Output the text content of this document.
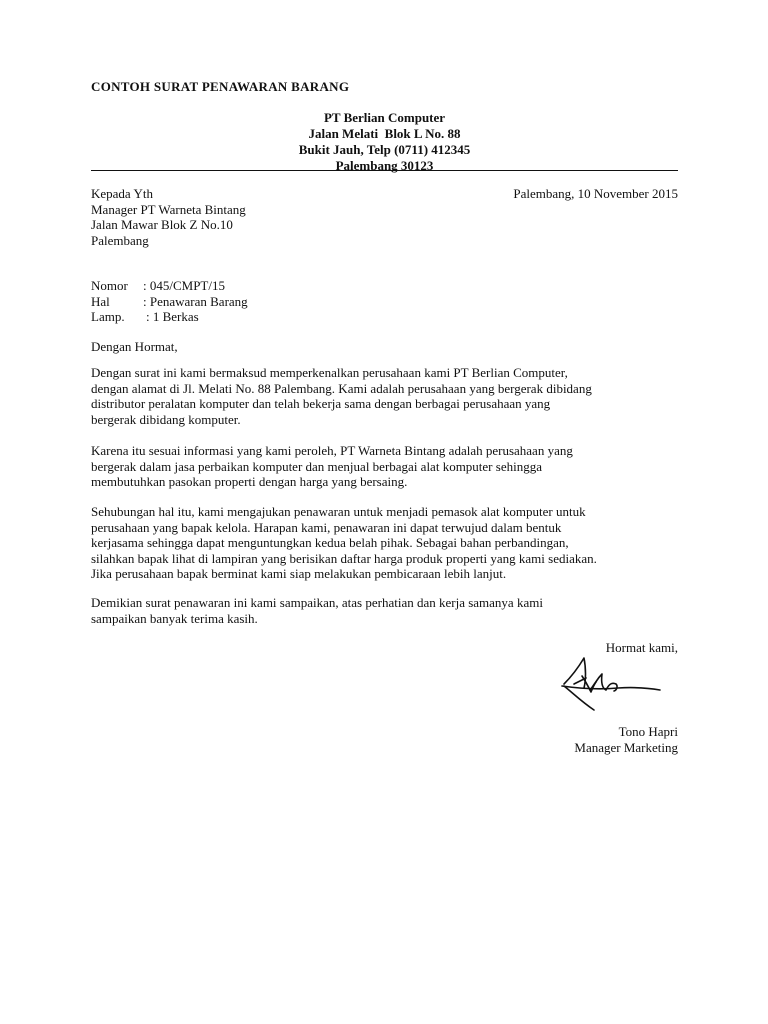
CONTOH SURAT PENAWARAN BARANG
PT Berlian Computer
Jalan Melati  Blok L No. 88
Bukit Jauh, Telp (0711) 412345
Palembang 30123
Kepada Yth
Manager PT Warneta Bintang
Jalan Mawar Blok Z No.10
Palembang
Palembang, 10 November 2015
Nomor	: 045/CMPT/15
Hal	: Penawaran Barang
Lamp.	: 1 Berkas
Dengan Hormat,
Dengan surat ini kami bermaksud memperkenalkan perusahaan kami PT Berlian Computer,
dengan alamat di Jl. Melati No. 88 Palembang. Kami adalah perusahaan yang bergerak dibidang
distributor peralatan komputer dan telah bekerja sama dengan berbagai perusahaan yang
bergerak dibidang komputer.
Karena itu sesuai informasi yang kami peroleh, PT Warneta Bintang adalah perusahaan yang
bergerak dalam jasa perbaikan komputer dan menjual berbagai alat komputer sehingga
membutuhkan pasokan properti dengan harga yang bersaing.
Sehubungan hal itu, kami mengajukan penawaran untuk menjadi pemasok alat komputer untuk
perusahaan yang bapak kelola. Harapan kami, penawaran ini dapat terwujud dalam bentuk
kerjasama sehingga dapat menguntungkan kedua belah pihak. Sebagai bahan perbandingan,
silahkan bapak lihat di lampiran yang berisikan daftar harga produk properti yang kami sediakan.
Jika perusahaan bapak berminat kami siap melakukan pembicaraan lebih lanjut.
Demikian surat penawaran ini kami sampaikan, atas perhatian dan kerja samanya kami
sampaikan banyak terima kasih.
Hormat kami,
Tono Hapri
Manager Marketing
